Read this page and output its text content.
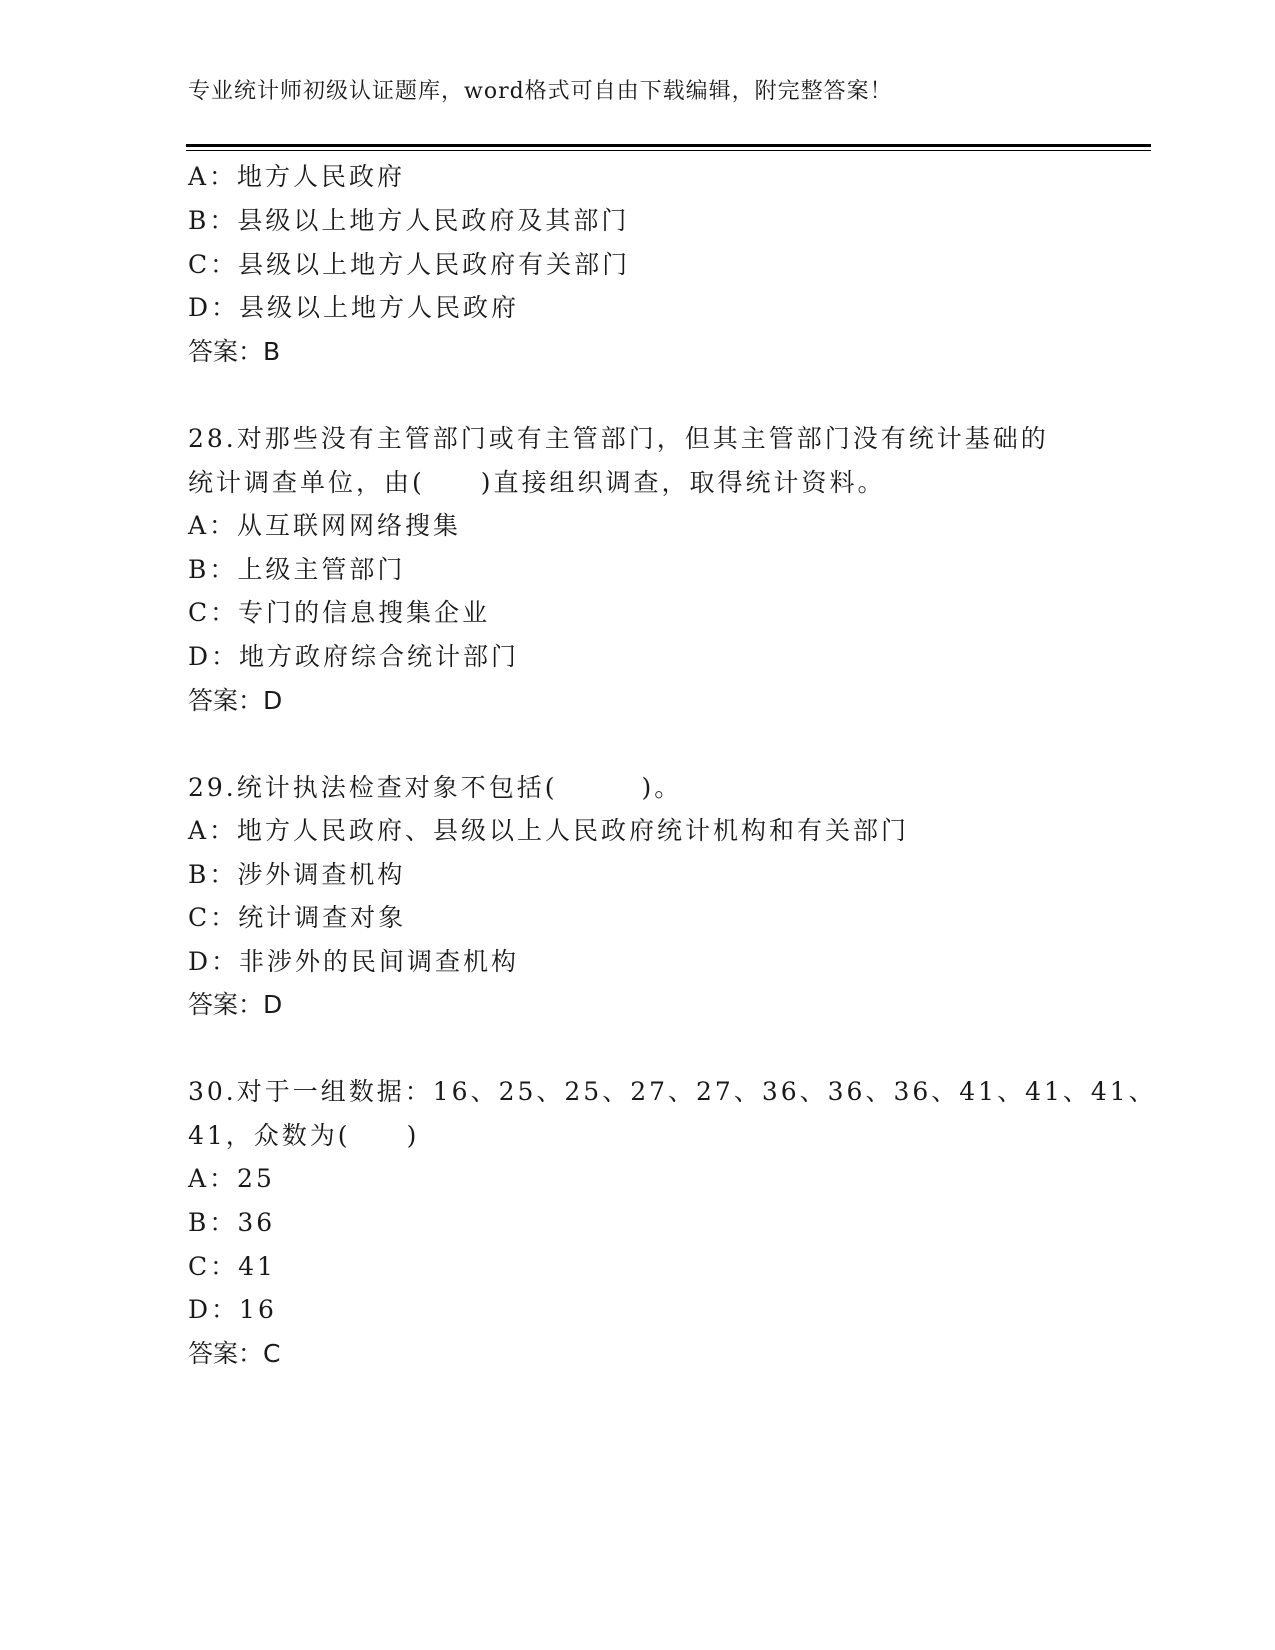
专业统计师初级认证题库，word格式可自由下载编辑，附完整答案！
A：地方人民政府
B：县级以上地方人民政府及其部门
C：县级以上地方人民政府有关部门
D：县级以上地方人民政府
答案：B
28.对那些没有主管部门或有主管部门，但其主管部门没有统计基础的
统计调查单位，由(　　)直接组织调查，取得统计资料。
A：从互联网网络搜集
B：上级主管部门
C：专门的信息搜集企业
D：地方政府综合统计部门
答案：D
29.统计执法检查对象不包括(　　　)。
A：地方人民政府、县级以上人民政府统计机构和有关部门
B：涉外调查机构
C：统计调查对象
D：非涉外的民间调查机构
答案：D
30.对于一组数据：16、25、25、27、27、36、36、36、41、41、41、
41，众数为(　　)
A：25
B：36
C：41
D：16
答案：C
